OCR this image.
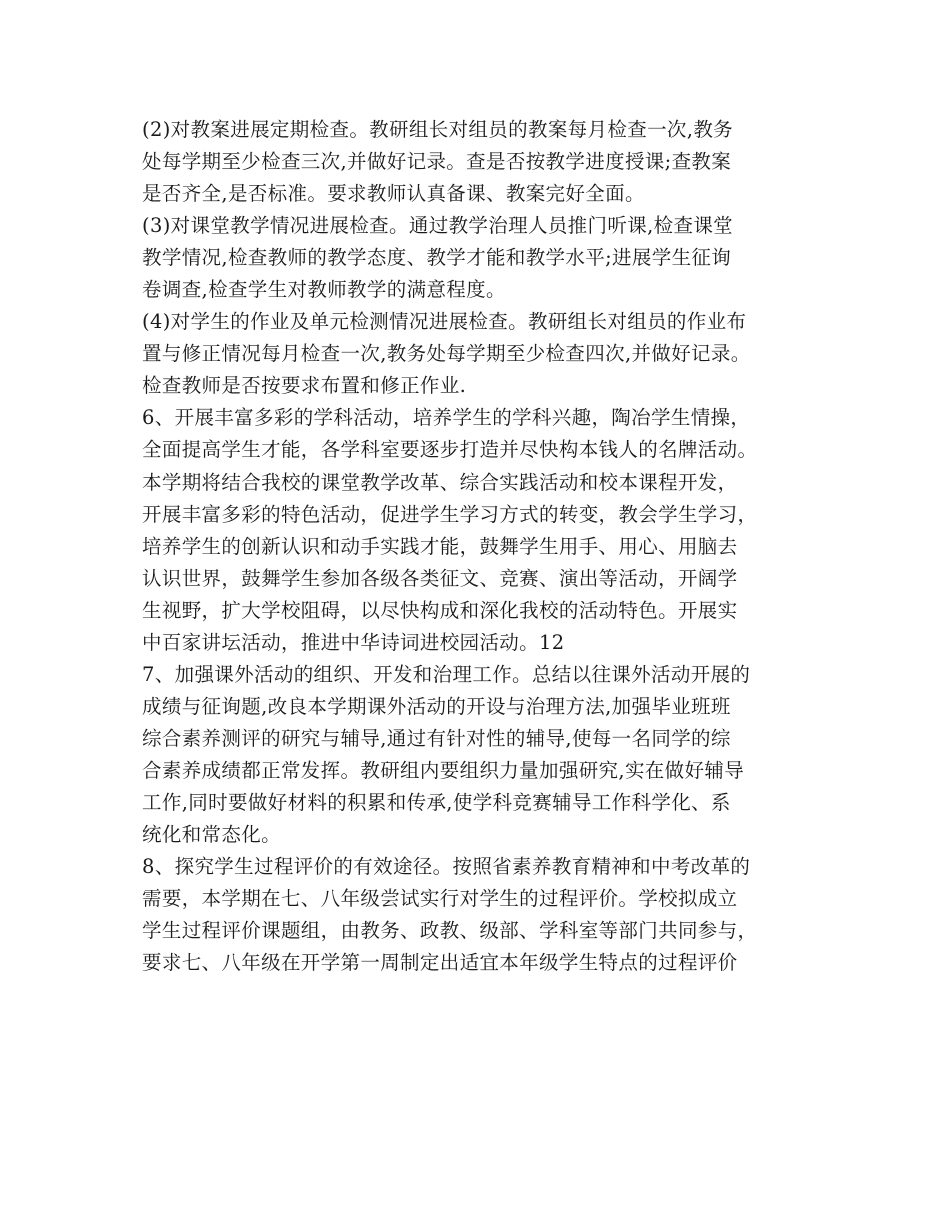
(2)对教案进展定期检查。教研组长对组员的教案每月检查一次,教务
处每学期至少检查三次,并做好记录。查是否按教学进度授课;查教案
是否齐全,是否标准。要求教师认真备课、教案完好全面。
(3)对课堂教学情况进展检查。通过教学治理人员推门听课,检查课堂
教学情况,检查教师的教学态度、教学才能和教学水平;进展学生征询
卷调查,检查学生对教师教学的满意程度。
(4)对学生的作业及单元检测情况进展检查。教研组长对组员的作业布
置与修正情况每月检查一次,教务处每学期至少检查四次,并做好记录。
检查教师是否按要求布置和修正作业.
6、开展丰富多彩的学科活动，培养学生的学科兴趣，陶冶学生情操，
全面提高学生才能，各学科室要逐步打造并尽快构本钱人的名牌活动。
本学期将结合我校的课堂教学改革、综合实践活动和校本课程开发，
开展丰富多彩的特色活动，促进学生学习方式的转变，教会学生学习，
培养学生的创新认识和动手实践才能，鼓舞学生用手、用心、用脑去
认识世界，鼓舞学生参加各级各类征文、竞赛、演出等活动，开阔学
生视野，扩大学校阻碍，以尽快构成和深化我校的活动特色。开展实
中百家讲坛活动，推进中华诗词进校园活动。12
7、加强课外活动的组织、开发和治理工作。总结以往课外活动开展的
成绩与征询题,改良本学期课外活动的开设与治理方法,加强毕业班班
综合素养测评的研究与辅导,通过有针对性的辅导,使每一名同学的综
合素养成绩都正常发挥。教研组内要组织力量加强研究,实在做好辅导
工作,同时要做好材料的积累和传承,使学科竞赛辅导工作科学化、系
统化和常态化。
8、探究学生过程评价的有效途径。按照省素养教育精神和中考改革的
需要，本学期在七、八年级尝试实行对学生的过程评价。学校拟成立
学生过程评价课题组，由教务、政教、级部、学科室等部门共同参与，
要求七、八年级在开学第一周制定出适宜本年级学生特点的过程评价
